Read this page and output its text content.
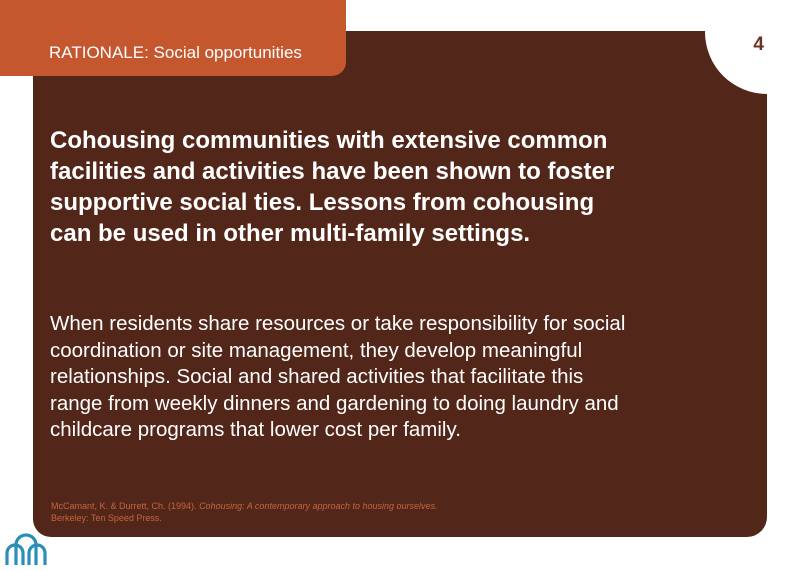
4
RATIONALE: Social opportunities

Cohousing communities with extensive common facilities and activities have been shown to foster supportive social ties. Lessons from cohousing can be used in other multi-family settings.

When residents share resources or take responsibility for social coordination or site management, they develop meaningful relationships. Social and shared activities that facilitate this range from weekly dinners and gardening to doing laundry and childcare programs that lower cost per family.

McCamant, K. & Durrett, Ch. (1994). Cohousing: A contemporary approach to housing ourselves.
Berkeley: Ten Speed Press.
